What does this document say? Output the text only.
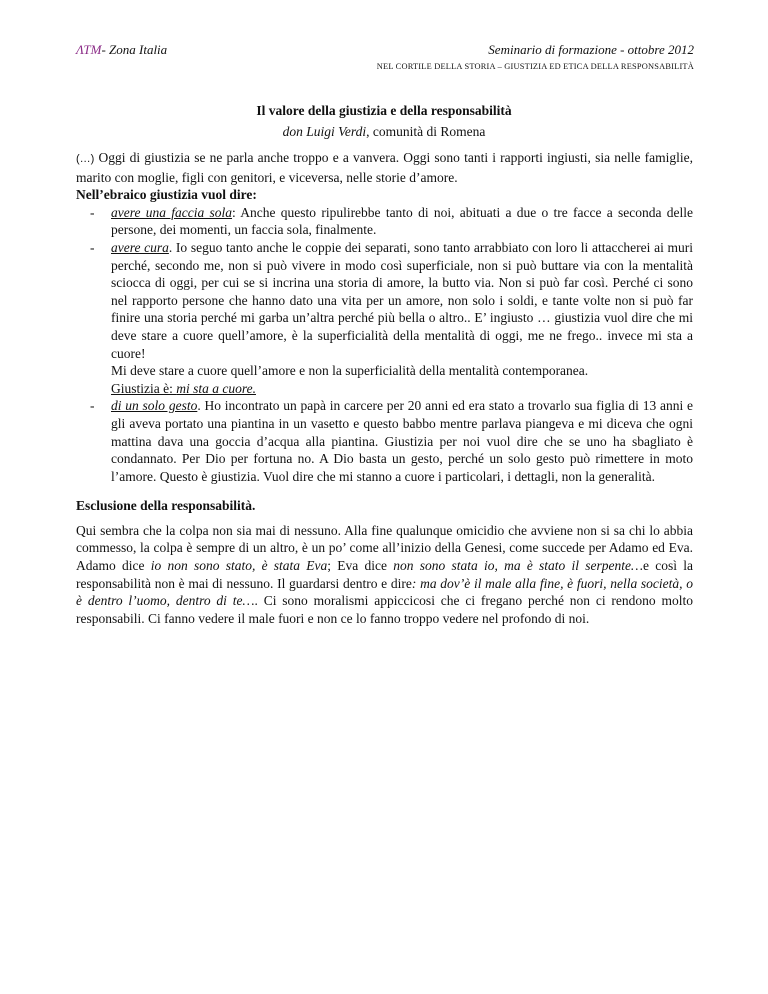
ΛΤΜ- Zona Italia	Seminario di formazione - ottobre 2012
NEL CORTILE DELLA STORIA – GIUSTIZIA ED ETICA DELLA RESPONSABILITÀ
Il valore della giustizia e della responsabilità
don Luigi Verdi, comunità di Romena

(…) Oggi di giustizia se ne parla anche troppo e a vanvera. Oggi sono tanti i rapporti ingiusti, sia nelle famiglie, marito con moglie, figli con genitori, e viceversa, nelle storie d’amore.

Nell’ebraico giustizia vuol dire:

- avere una faccia sola: Anche questo ripulirebbe tanto di noi, abituati a due o tre facce a seconda delle persone, dei momenti, un faccia sola, finalmente.
- avere cura. Io seguo tanto anche le coppie dei separati, sono tanto arrabbiato con loro li attaccherei ai muri perché, secondo me, non si può vivere in modo così superficiale, non si può buttare via con la mentalità sciocca di oggi, per cui se si incrina una storia di amore, la butto via. Non si può far così. Perché ci sono nel rapporto persone che hanno dato una vita per un amore, non solo i soldi, e tante volte non si può far finire una storia perché mi garba un’altra perché più bella o altro.. E’ ingiusto … giustizia vuol dire che mi deve stare a cuore quell’amore, è la superficialità della mentalità di oggi, me ne frego.. invece mi sta a cuore!
Mi deve stare a cuore quell’amore e non la superficialità della mentalità contemporanea.
Giustizia è: mi sta a cuore.
- di un solo gesto. Ho incontrato un papà in carcere per 20 anni ed era stato a trovarlo sua figlia di 13 anni e gli aveva portato una piantina in un vasetto e questo babbo mentre parlava piangeva e mi diceva che ogni mattina dava una goccia d’acqua alla piantina. Giustizia per noi vuol dire che se uno ha sbagliato è condannato. Per Dio per fortuna no. A Dio basta un gesto, perché un solo gesto può rimettere in moto l’amore. Questo è giustizia. Vuol dire che mi stanno a cuore i particolari, i dettagli, non la generalità.

Esclusione della responsabilità.

Qui sembra che la colpa non sia mai di nessuno. Alla fine qualunque omicidio che avviene non si sa chi lo abbia commesso, la colpa è sempre di un altro, è un po’ come all’inizio della Genesi, come succede per Adamo ed Eva. Adamo dice io non sono stato, è stata Eva; Eva dice non sono stata io, ma è stato il serpente…e così la responsabilità non è mai di nessuno. Il guardarsi dentro e dire: ma dov’è il male alla fine, è fuori, nella società, o è dentro l’uomo, dentro di te…. Ci sono moralismi appiccicosi che ci fregano perché non ci rendono molto responsabili. Ci fanno vedere il male fuori e non ce lo fanno troppo vedere nel profondo di noi.
